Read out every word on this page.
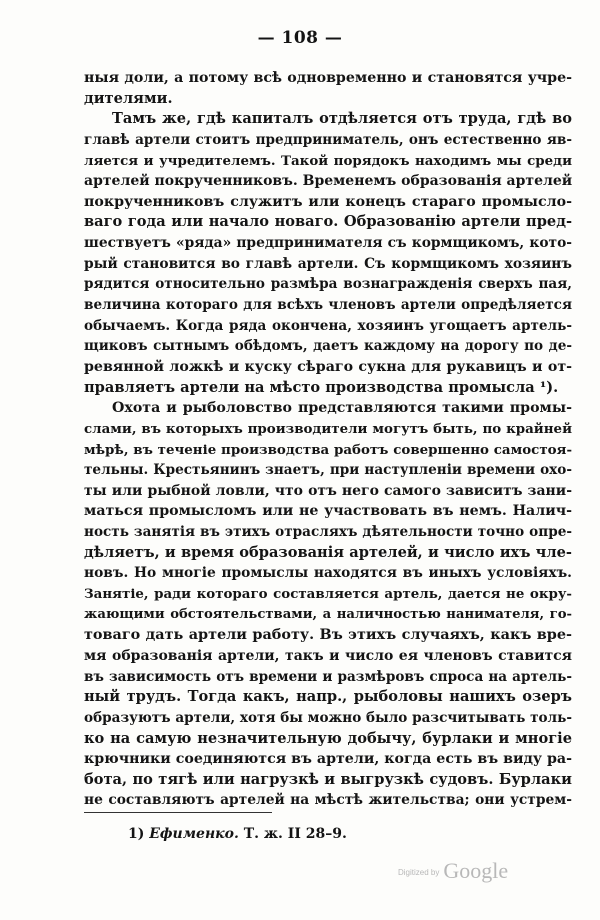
— 108 —
ныя доли, а потому всѣ одновременно и становятся учре-
дителями.
Тамъ же, гдѣ капиталъ отдѣляется отъ труда, гдѣ во
главѣ артели стоитъ предприниматель, онъ естественно яв-
ляется и учредителемъ. Такой порядокъ находимъ мы среди
артелей покрученниковъ. Временемъ образованія артелей
покрученниковъ служитъ или конецъ стараго промысло-
ваго года или начало новаго. Образованію артели пред-
шествуетъ «ряда» предпринимателя съ кормщикомъ, кото-
рый становится во главѣ артели. Съ кормщикомъ хозяинъ
рядится относительно размѣра вознагражденія сверхъ пая,
величина котораго для всѣхъ членовъ артели опредѣляется
обычаемъ. Когда ряда окончена, хозяинъ угощаетъ артель-
щиковъ сытнымъ обѣдомъ, даетъ каждому на дорогу по де-
ревянной ложкѣ и куску сѣраго сукна для рукавицъ и от-
правляетъ артели на мѣсто производства промысла ¹).
Охота и рыболовство представляются такими промы-
слами, въ которыхъ производители могутъ быть, по крайней
мѣрѣ, въ теченіе производства работъ совершенно самостоя-
тельны. Крестьянинъ знаетъ, при наступленіи времени охо-
ты или рыбной ловли, что отъ него самого зависитъ зани-
маться промысломъ или не участвовать въ немъ. Налич-
ность занятія въ этихъ отрасляхъ дѣятельности точно опре-
дѣляетъ, и время образованія артелей, и число ихъ чле-
новъ. Но многіе промыслы находятся въ иныхъ условіяхъ.
Занятіе, ради котораго составляется артель, дается не окру-
жающими обстоятельствами, а наличностью нанимателя, го-
товаго дать артели работу. Въ этихъ случаяхъ, какъ вре-
мя образованія артели, такъ и число ея членовъ ставится
въ зависимость отъ времени и размѣровъ спроса на артель-
ный трудъ. Тогда какъ, напр., рыболовы нашихъ озеръ
образуютъ артели, хотя бы можно было разсчитывать толь-
ко на самую незначительную добычу, бурлаки и многіе
крючники соединяются въ артели, когда есть въ виду ра-
бота, по тягѣ или нагрузкѣ и выгрузкѣ судовъ. Бурлаки
не составляютъ артелей на мѣстѣ жительства; они устрем-
1) Ефименко. Т. ж. II 28–9.
Digitized by Google
